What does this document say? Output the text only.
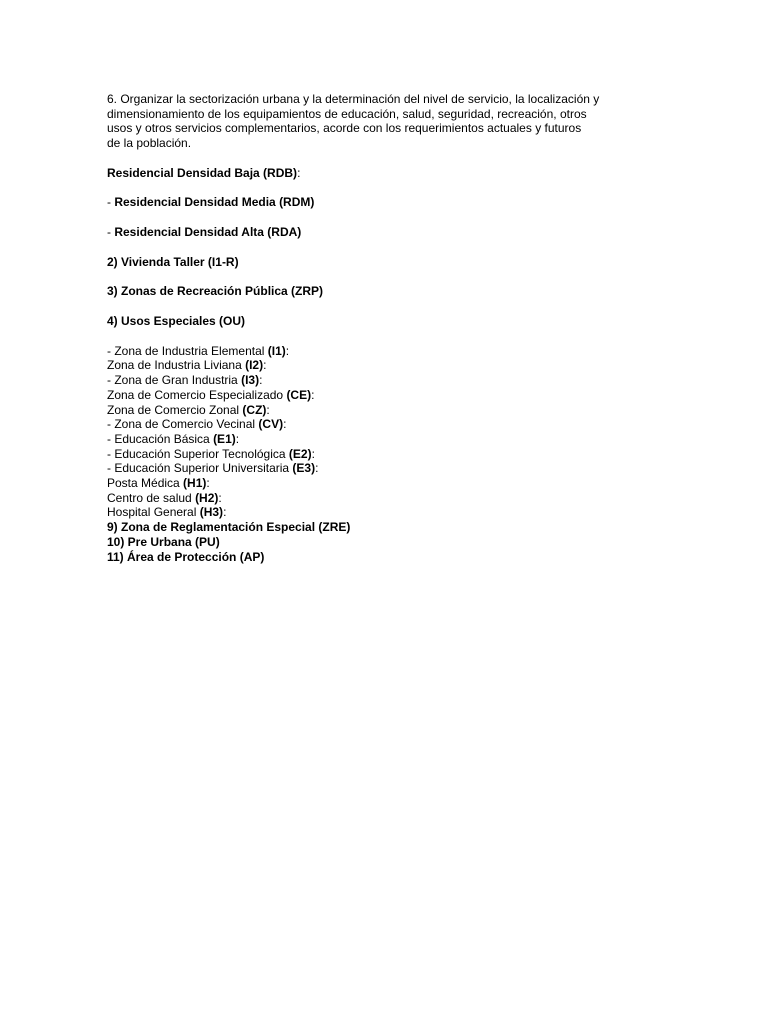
6. Organizar la sectorización urbana y la determinación del nivel de servicio, la localización y
dimensionamiento de los equipamientos de educación, salud, seguridad, recreación, otros
usos y otros servicios complementarios, acorde con los requerimientos actuales y futuros
de la población.

Residencial Densidad Baja (RDB):
- Residencial Densidad Media (RDM)
- Residencial Densidad Alta (RDA)
2) Vivienda Taller (I1-R)
3) Zonas de Recreación Pública (ZRP)
4) Usos Especiales (OU)
- Zona de Industria Elemental (I1):
Zona de Industria Liviana (I2):
- Zona de Gran Industria (I3):
Zona de Comercio Especializado (CE):
Zona de Comercio Zonal (CZ):
- Zona de Comercio Vecinal (CV):
- Educación Básica (E1):
- Educación Superior Tecnológica (E2):
- Educación Superior Universitaria (E3):
Posta Médica (H1):
Centro de salud (H2):
Hospital General (H3):
9) Zona de Reglamentación Especial (ZRE)
10) Pre Urbana (PU)
11) Área de Protección (AP)
